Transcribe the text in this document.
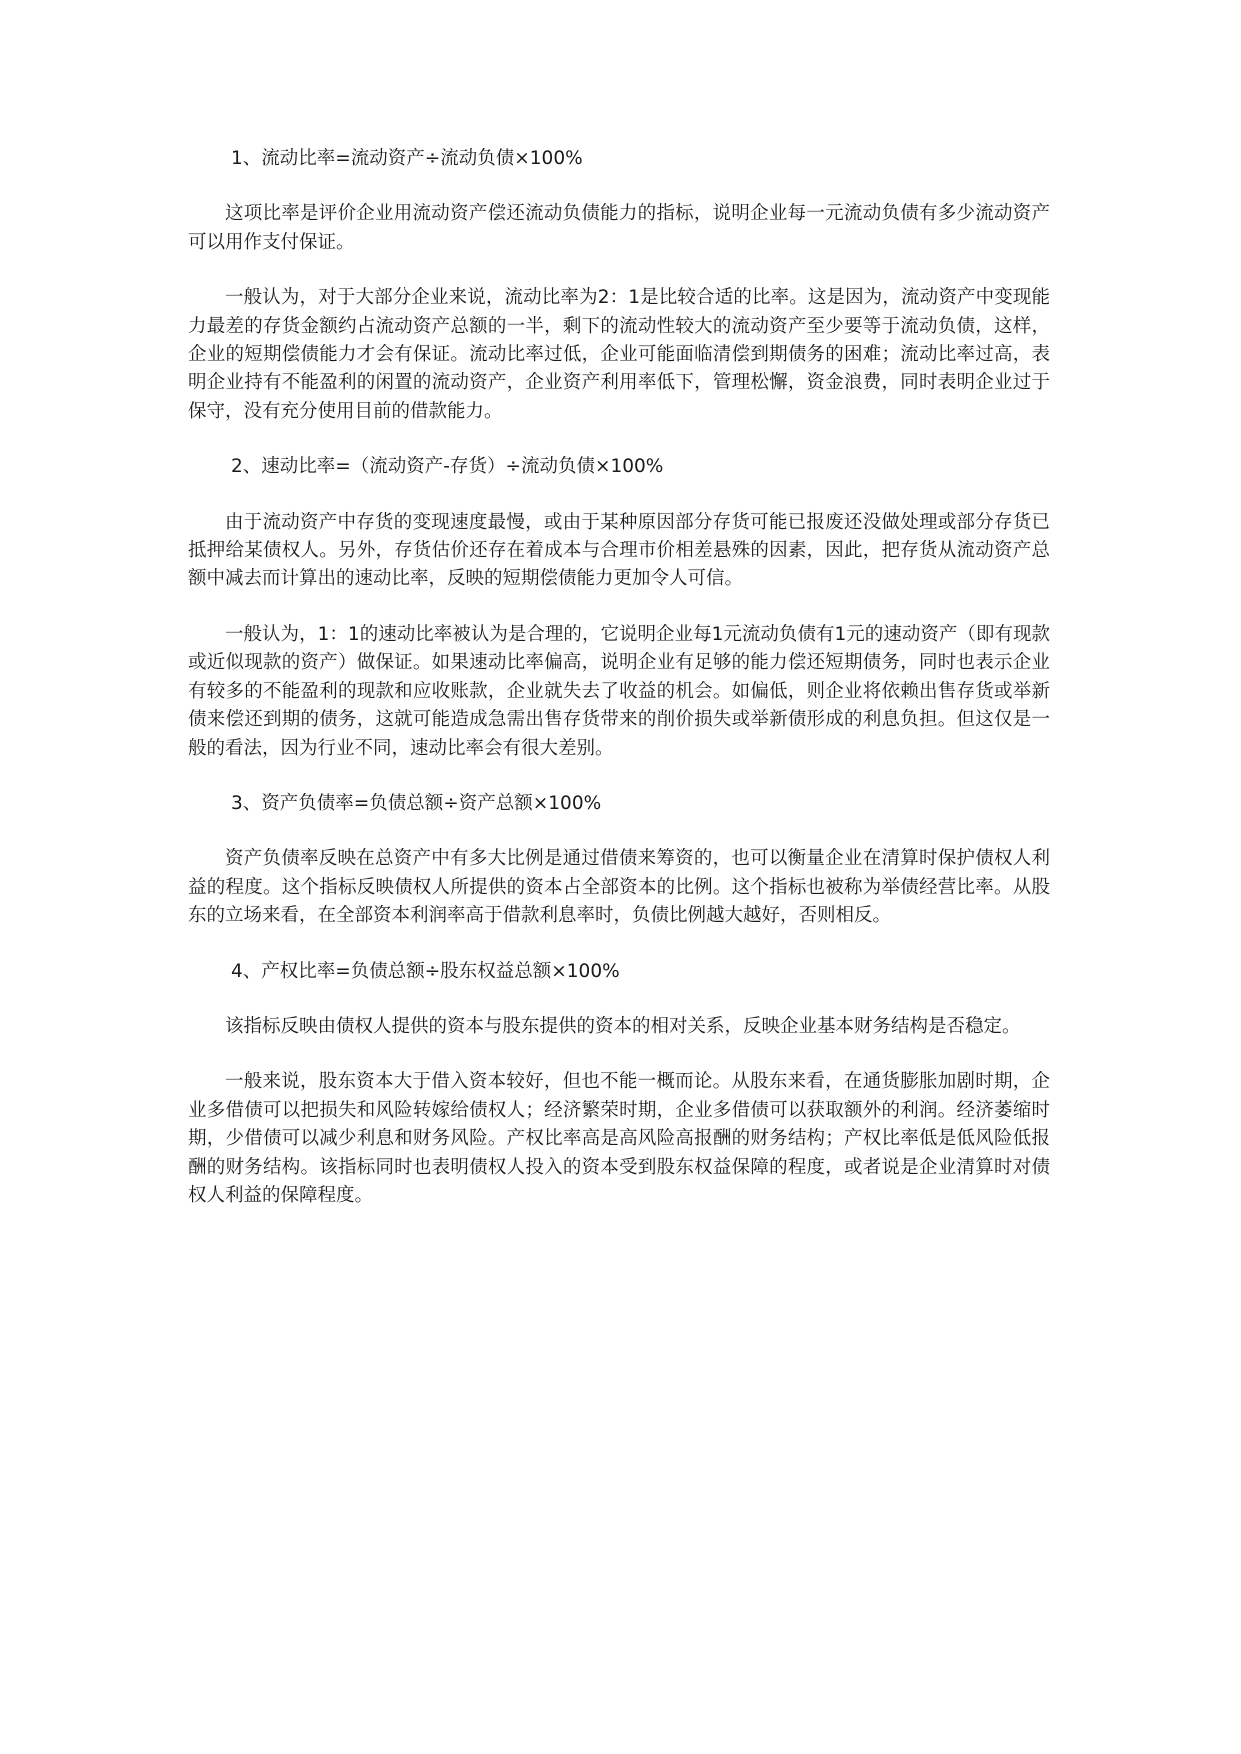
1、流动比率=流动资产÷流动负债×100%

这项比率是评价企业用流动资产偿还流动负债能力的指标，说明企业每一元流动负债有多少流动资产可以用作支付保证。

一般认为，对于大部分企业来说，流动比率为2：1是比较合适的比率。这是因为，流动资产中变现能力最差的存货金额约占流动资产总额的一半，剩下的流动性较大的流动资产至少要等于流动负债，这样，企业的短期偿债能力才会有保证。流动比率过低，企业可能面临清偿到期债务的困难；流动比率过高，表明企业持有不能盈利的闲置的流动资产，企业资产利用率低下，管理松懈，资金浪费，同时表明企业过于保守，没有充分使用目前的借款能力。

2、速动比率=（流动资产-存货）÷流动负债×100%

由于流动资产中存货的变现速度最慢，或由于某种原因部分存货可能已报废还没做处理或部分存货已抵押给某债权人。另外，存货估价还存在着成本与合理市价相差悬殊的因素，因此，把存货从流动资产总额中减去而计算出的速动比率，反映的短期偿债能力更加令人可信。

一般认为，1：1的速动比率被认为是合理的，它说明企业每1元流动负债有1元的速动资产（即有现款或近似现款的资产）做保证。如果速动比率偏高，说明企业有足够的能力偿还短期债务，同时也表示企业有较多的不能盈利的现款和应收账款，企业就失去了收益的机会。如偏低，则企业将依赖出售存货或举新债来偿还到期的债务，这就可能造成急需出售存货带来的削价损失或举新债形成的利息负担。但这仅是一般的看法，因为行业不同，速动比率会有很大差别。

3、资产负债率=负债总额÷资产总额×100%

资产负债率反映在总资产中有多大比例是通过借债来筹资的，也可以衡量企业在清算时保护债权人利益的程度。这个指标反映债权人所提供的资本占全部资本的比例。这个指标也被称为举债经营比率。从股东的立场来看，在全部资本利润率高于借款利息率时，负债比例越大越好，否则相反。

4、产权比率=负债总额÷股东权益总额×100%

该指标反映由债权人提供的资本与股东提供的资本的相对关系，反映企业基本财务结构是否稳定。

一般来说，股东资本大于借入资本较好，但也不能一概而论。从股东来看，在通货膨胀加剧时期，企业多借债可以把损失和风险转嫁给债权人；经济繁荣时期，企业多借债可以获取额外的利润。经济萎缩时期，少借债可以减少利息和财务风险。产权比率高是高风险高报酬的财务结构；产权比率低是低风险低报酬的财务结构。该指标同时也表明债权人投入的资本受到股东权益保障的程度，或者说是企业清算时对债权人利益的保障程度。
